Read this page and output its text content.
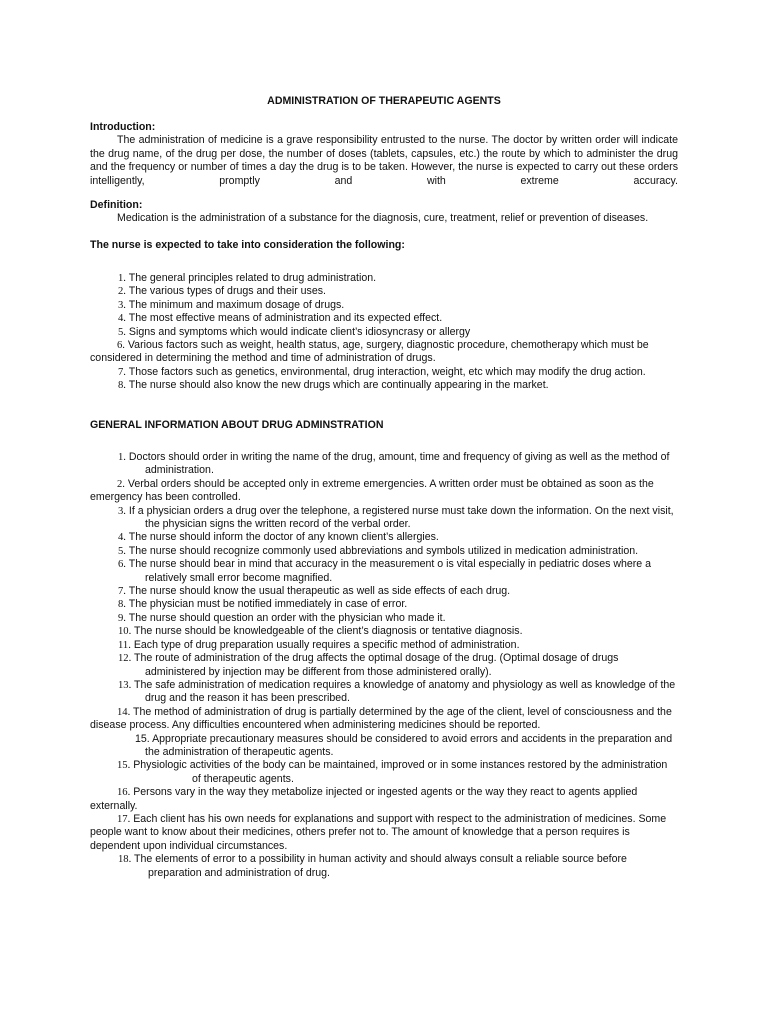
ADMINISTRATION OF THERAPEUTIC AGENTS
Introduction:
The administration of medicine is a grave responsibility entrusted to the nurse. The doctor by written order will indicate the drug name, of the drug per dose, the number of doses (tablets, capsules, etc.) the route by which to administer the drug and the frequency or number of times a day the drug is to be taken. However, the nurse is expected to carry out these orders intelligently, promptly and with extreme accuracy.
Definition:
Medication is the administration of a substance for the diagnosis, cure, treatment, relief or prevention of diseases.
The nurse is expected to take into consideration the following:
1. The general principles related to drug administration.
2. The various types of drugs and their uses.
3. The minimum and maximum dosage of drugs.
4. The most effective means of administration and its expected effect.
5. Signs and symptoms which would indicate client’s idiosyncrasy or allergy
6. Various factors such as weight, health status, age, surgery, diagnostic procedure, chemotherapy which must be considered in determining the method and time of administration of drugs.
7. Those factors such as genetics, environmental, drug interaction, weight, etc which may modify the drug action.
8. The nurse should also know the new drugs which are continually appearing in the market.
GENERAL INFORMATION ABOUT DRUG ADMINSTRATION
1. Doctors should order in writing the name of the drug, amount, time and frequency of giving as well as the method of administration.
2. Verbal orders should be accepted only in extreme emergencies. A written order must be obtained as soon as the emergency has been controlled.
3. If a physician orders a drug over the telephone, a registered nurse must take down the information. On the next visit, the physician signs the written record of the verbal order.
4. The nurse should inform the doctor of any known client’s allergies.
5. The nurse should recognize commonly used abbreviations and symbols utilized in medication administration.
6. The nurse should bear in mind that accuracy in the measurement o is vital especially in pediatric doses where a relatively small error become magnified.
7. The nurse should know the usual therapeutic as well as side effects of each drug.
8. The physician must be notified immediately in case of error.
9. The nurse should question an order with the physician who made it.
10. The nurse should be knowledgeable of the client’s diagnosis or tentative diagnosis.
11. Each type of drug preparation usually requires a specific method of administration.
12. The route of administration of the drug affects the optimal dosage of the drug. (Optimal dosage of drugs administered by injection may be different from those administered orally).
13. The safe administration of medication requires a knowledge of anatomy and physiology as well as knowledge of the drug and the reason it has been prescribed.
14. The method of administration of drug is partially determined by the age of the client, level of consciousness and the disease process. Any difficulties encountered when administering medicines should be reported.
15. Appropriate precautionary measures should be considered to avoid errors and accidents in the preparation and the administration of therapeutic agents.
15. Physiologic activities of the body can be maintained, improved or in some instances restored by the administration of therapeutic agents.
16. Persons vary in the way they metabolize injected or ingested agents or the way they react to agents applied externally.
17. Each client has his own needs for explanations and support with respect to the administration of medicines. Some people want to know about their medicines, others prefer not to. The amount of knowledge that a person requires is dependent upon individual circumstances.
18. The elements of error to a possibility in human activity and should always consult a reliable source before preparation and administration of drug.
